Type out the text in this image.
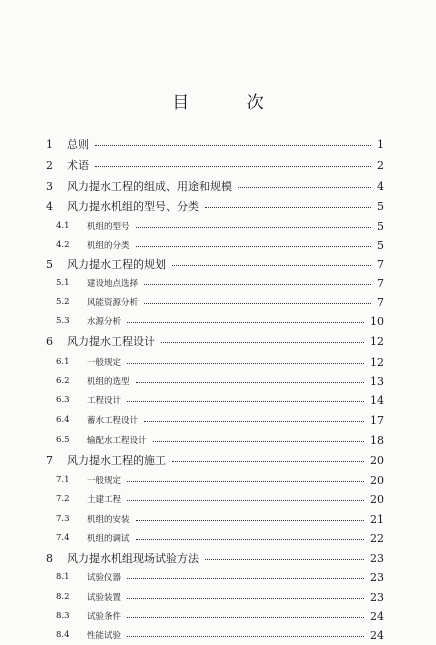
目 次
1 总则	1
2 术语	2
3 风力提水工程的组成、用途和规模	4
4 风力提水机组的型号、分类	5
4.1 机组的型号	5
4.2 机组的分类	5
5 风力提水工程的规划	7
5.1 建设地点选择	7
5.2 风能资源分析	7
5.3 水源分析	10
6 风力提水工程设计	12
6.1 一般规定	12
6.2 机组的选型	13
6.3 工程设计	14
6.4 蓄水工程设计	17
6.5 输配水工程设计	18
7 风力提水工程的施工	20
7.1 一般规定	20
7.2 土建工程	20
7.3 机组的安装	21
7.4 机组的调试	22
8 风力提水机组现场试验方法	23
8.1 试验仪器	23
8.2 试验装置	23
8.3 试验条件	24
8.4 性能试验	24
